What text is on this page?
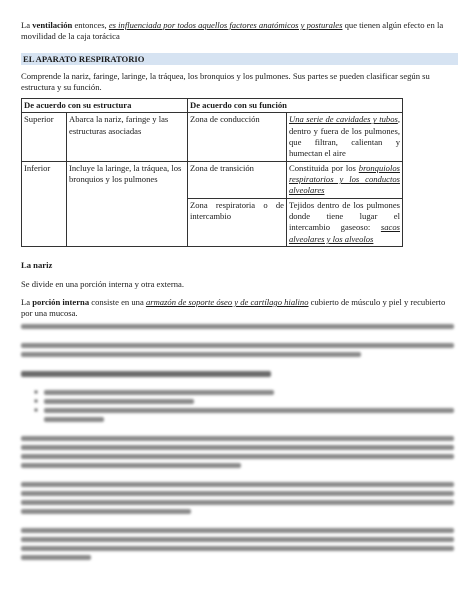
La ventilación entonces, es influenciada por todos aquellos factores anatómicos y posturales que tienen algún efecto en la movilidad de la caja torácica

EL APARATO RESPIRATORIO

Comprende la nariz, faringe, laringe, la tráquea, los bronquios y los pulmones. Sus partes se pueden clasificar según su estructura y su función.

De acuerdo con su estructura		De acuerdo con su función	
Superior	Abarca la nariz, faringe y las estructuras asociadas	Zona de conducción	Una serie de cavidades y tubos, dentro y fuera de los pulmones, que filtran, calientan y humectan el aire
Inferior	Incluye la laringe, la tráquea, los bronquios y los pulmones	Zona de transición	Constituida por los bronquiolos respiratorios y los conductos alveolares
		Zona respiratoria o de intercambio	Tejidos dentro de los pulmones donde tiene lugar el intercambio gaseoso: sacos alveolares y los alveolos
La nariz

Se divide en una porción interna y otra externa.

La porción interna consiste en una armazón de soporte óseo y de cartílago hialino cubierto de músculo y piel y recubierto por una mucosa.
